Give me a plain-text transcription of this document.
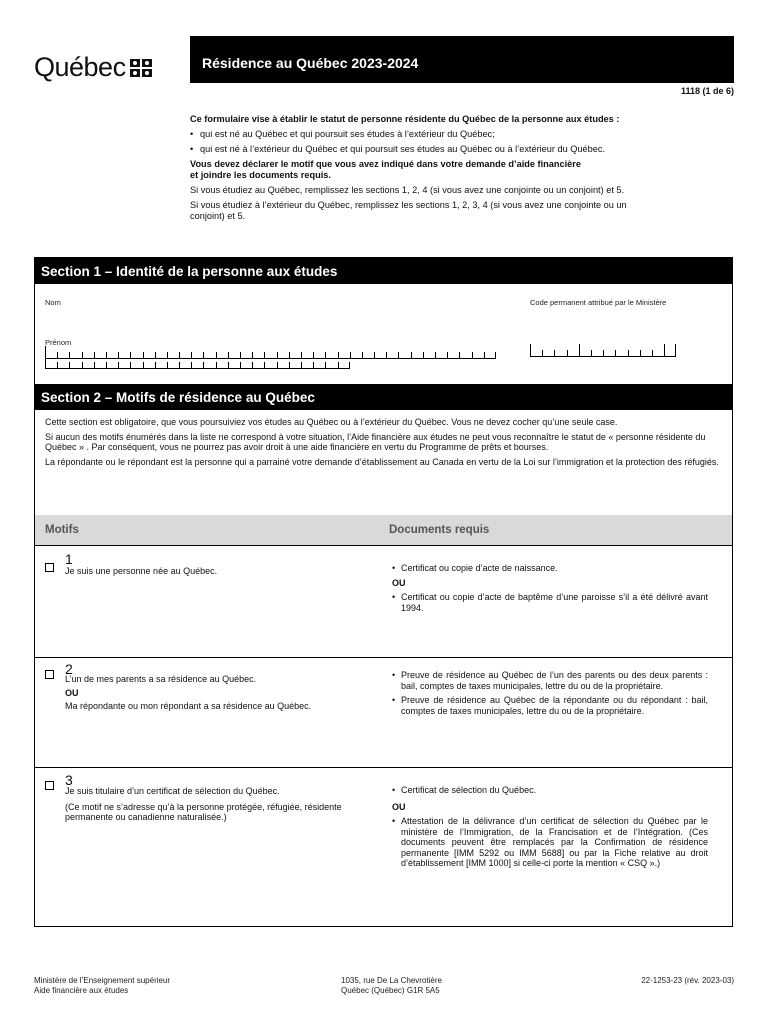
Québec	Résidence au Québec 2023-2024
1118 (1 de 6)

Ce formulaire vise à établir le statut de personne résidente du Québec de la personne aux études :

• qui est né au Québec et qui poursuit ses études à l’extérieur du Québec;
• qui est né à l’extérieur du Québec et qui poursuit ses études au Québec ou à l’extérieur du Québec.

Vous devez déclarer le motif que vous avez indiqué dans votre demande d’aide financière
et joindre les documents requis.

Si vous étudiez au Québec, remplissez les sections 1, 2, 4 (si vous avez une conjointe ou un conjoint) et 5.

Si vous étudiez à l’extérieur du Québec, remplissez les sections 1, 2, 3, 4 (si vous avez une conjointe ou un conjoint) et 5.

Section 1 – Identité de la personne aux études
Nom	Code permanent attribué par le Ministère
Prénom
Section 2 – Motifs de résidence au Québec

Cette section est obligatoire, que vous poursuiviez vos études au Québec ou à l’extérieur du Québec. Vous ne devez cocher qu’une seule case.

Si aucun des motifs énumérés dans la liste ne correspond à votre situation, l’Aide financière aux études ne peut vous reconnaître le statut de « personne résidente du Québec » . Par conséquent, vous ne pourrez pas avoir droit à une aide financière en vertu du Programme de prêts et bourses.

La répondante ou le répondant est la personne qui a parrainé votre demande d’établissement au Canada en vertu de la Loi sur l’immigration et la protection des réfugiés.

Motifs	Documents requis
1
Je suis une personne née au Québec.
•	Certificat ou copie d’acte de naissance.
OU
• Certificat ou copie d’acte de baptême d’une paroisse s’il a été délivré avant 1994.
2
L’un de mes parents a sa résidence au Québec.
OU
Ma répondante ou mon répondant a sa résidence au Québec.
• Preuve de résidence au Québec de l’un des parents ou des deux parents : bail, comptes de taxes municipales, lettre du ou de la propriétaire.
• Preuve de résidence au Québec de la répondante ou du répondant : bail, comptes de taxes municipales, lettre du ou de la propriétaire.
3
Je suis titulaire d’un certificat de sélection du Québec.
(Ce motif ne s’adresse qu’à la personne protégée, réfugiée, résidente permanente ou canadienne naturalisée.)
• Certificat de sélection du Québec.
OU
• Attestation de la délivrance d’un certificat de sélection du Québec par le ministère de l’Immigration, de la Francisation et de l’Intégration. (Ces documents peuvent être remplacés par la Confirmation de résidence permanente [IMM 5292 ou IMM 5688] ou par la Fiche relative au droit d’établissement [IMM 1000] si celle-ci porte la mention « CSQ ».)
Ministère de l’Enseignement supérieur
Aide financière aux études
1035, rue De La Chevrotière
Québec (Québec) G1R 5A5
22-1253-23 (rév. 2023-03)
